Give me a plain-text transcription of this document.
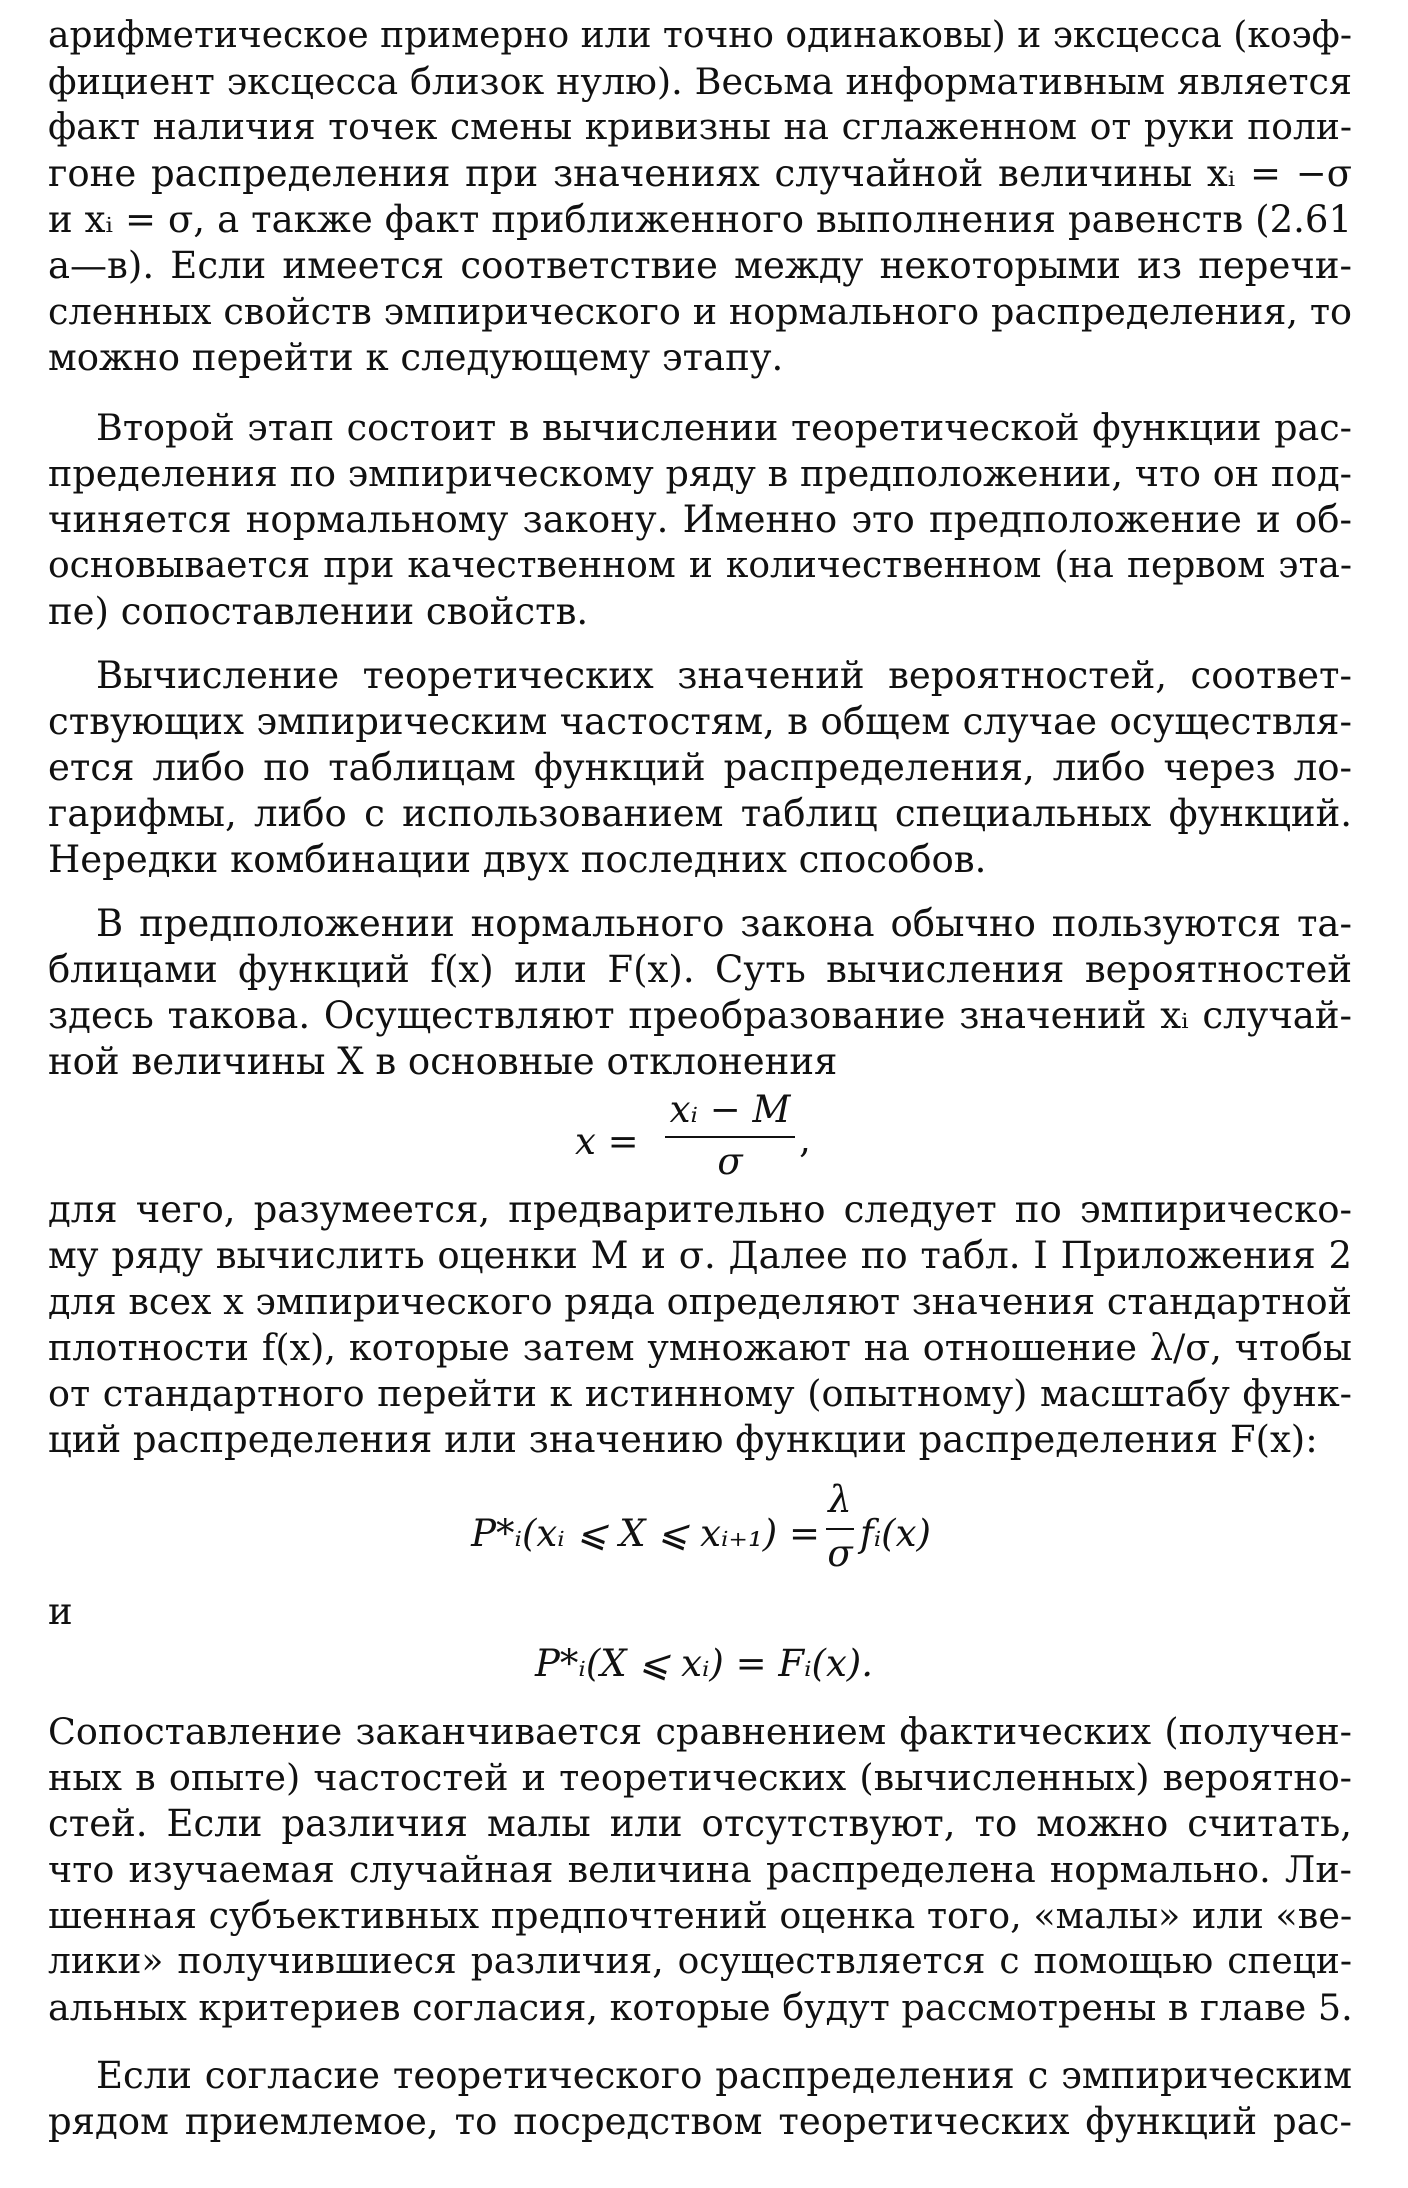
арифметическое примерно или точно одинаковы) и эксцесса (коэф-
фициент эксцесса близок нулю). Весьма информативным является
факт наличия точек смены кривизны на сглаженном от руки поли-
гоне распределения при значениях случайной величины xᵢ = −σ
и xᵢ = σ, а также факт приближенного выполнения равенств (2.61
а—в). Если имеется соответствие между некоторыми из перечи-
сленных свойств эмпирического и нормального распределения, то
можно перейти к следующему этапу.
Второй этап состоит в вычислении теоретической функции рас-
пределения по эмпирическому ряду в предположении, что он под-
чиняется нормальному закону. Именно это предположение и об-
основывается при качественном и количественном (на первом эта-
пе) сопоставлении свойств.
Вычисление теоретических значений вероятностей, соответ-
ствующих эмпирическим частостям, в общем случае осуществля-
ется либо по таблицам функций распределения, либо через ло-
гарифмы, либо с использованием таблиц специальных функций.
Нередки комбинации двух последних способов.
В предположении нормального закона обычно пользуются та-
блицами функций f(x) или F(x). Суть вычисления вероятностей
здесь такова. Осуществляют преобразование значений xᵢ случай-
ной величины X в основные отклонения
x =
xᵢ − M
σ
,
для чего, разумеется, предварительно следует по эмпирическо-
му ряду вычислить оценки M и σ. Далее по табл. I Приложения 2
для всех x эмпирического ряда определяют значения стандартной
плотности f(x), которые затем умножают на отношение λ/σ, чтобы
от стандартного перейти к истинному (опытному) масштабу функ-
ций распределения или значению функции распределения F(x):
P*ᵢ(xᵢ ⩽ X ⩽ xᵢ₊₁) =
λ
σ fᵢ(x)
и
P*ᵢ(X ⩽ xᵢ) = Fᵢ(x).
Сопоставление заканчивается сравнением фактических (получен-
ных в опыте) частостей и теоретических (вычисленных) вероятно-
стей. Если различия малы или отсутствуют, то можно считать,
что изучаемая случайная величина распределена нормально. Ли-
шенная субъективных предпочтений оценка того, «малы» или «ве-
лики» получившиеся различия, осуществляется с помощью специ-
альных критериев согласия, которые будут рассмотрены в главе 5.
Если согласие теоретического распределения с эмпирическим
рядом приемлемое, то посредством теоретических функций рас-
